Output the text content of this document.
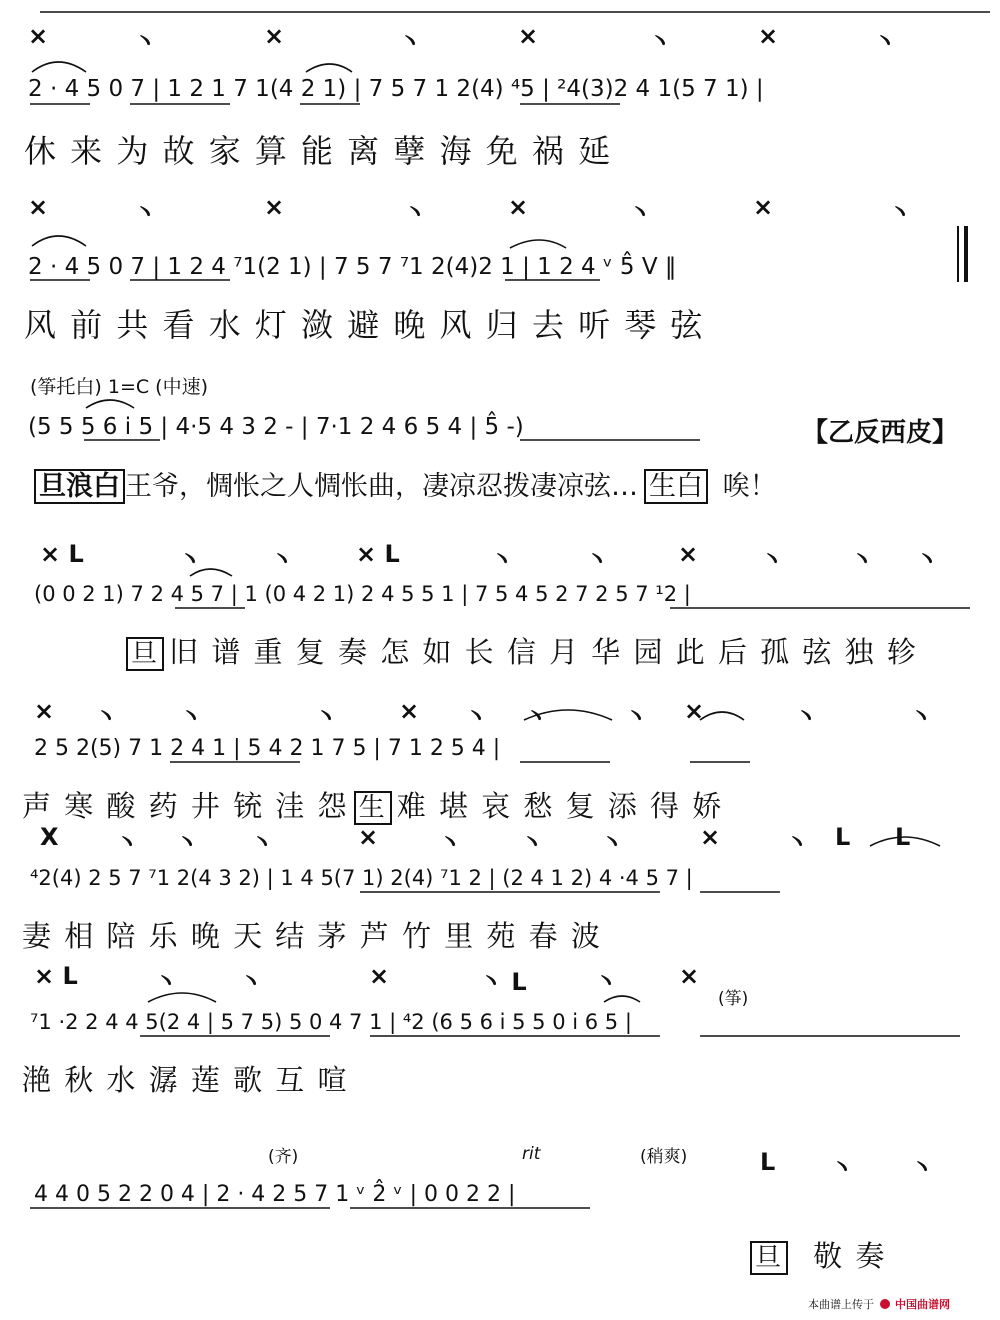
×	丶	×	丶	×	丶	×	丶
2 · 4 5 0 7 | 1 2 1 7 1(4 2 1) | 7 5 7 1 2(4) ⁴5 | ²4(3)2 4 1(5 7 1) |
休 来 为 故 家 算 能 离 孽 海 免 祸 延
×	丶	×	丶	×	丶	×	丶
2 · 4 5 0 7 | 1 2 4 ⁷1(2 1) | 7 5 7 ⁷1 2(4)2 1 | 1 2 4 ᵛ 5̂ V ‖
风 前 共 看 水 灯 潋 避 晚 风 归 去 听 琴 弦
(筝托白) 1=C (中速)
(5 5 5 6 i 5 | 4·5 4 3 2 - | 7·1 2 4 6 5 4 | 5̂ -)	【乙反西皮】
旦浪白 王爷，惆怅之人惆怅曲，凄凉忍拨凄凉弦… 生白 唉！
× L	丶	丶	× L	丶	丶	×	丶	丶 丶
(0 0 2 1) 7 2 4 5 7 | 1 (0 4 2 1) 2 4 5 5 1 | 7 5 4 5 2 7 2 5 7 ¹2 |
旦 旧 谱 重 复 奏 怎 如 长 信 月 华 园 此 后 孤 弦 独 轸
× 丶	丶	丶	× 丶 丶	丶 ×	丶	丶
2 5 2(5) 7 1 2 4 1 | 5 4 2 1 7 5 | 7 1 2 5 4 |
声 寒 酸 药 井 铳 洼 怨 生 难 堪 哀 愁 复 添 得 娇
X 丶 丶 丶	× 丶 丶 丶	×	丶 L L
⁴2(4) 2 5 7 ⁷1 2(4 3 2) | 1 4 5(7 1) 2(4) ⁷1 2 | (2 4 1 2) 4 ·4 5 7 |
妻 相 陪 乐 晚 天 结 茅 芦 竹 里 苑 春 波
× L	丶	丶	×	丶 L	丶	×
(筝)
⁷1 ·2 2 4 4 5(2 4 | 5 7 5) 5 0 4 7 1 | ⁴2 (6 5 6 i 5 5 0 i 6 5 |
滟 秋 水 潺 莲 歌 互 喧
(齐)	rit	(稍爽)	L 丶 丶
4 4 0 5 2 2 0 4 | 2 · 4 2 5 7 1 ᵛ 2̂ ᵛ | 0 0 2 2 |
旦 敬 奏
本曲谱上传于 中国曲谱网
